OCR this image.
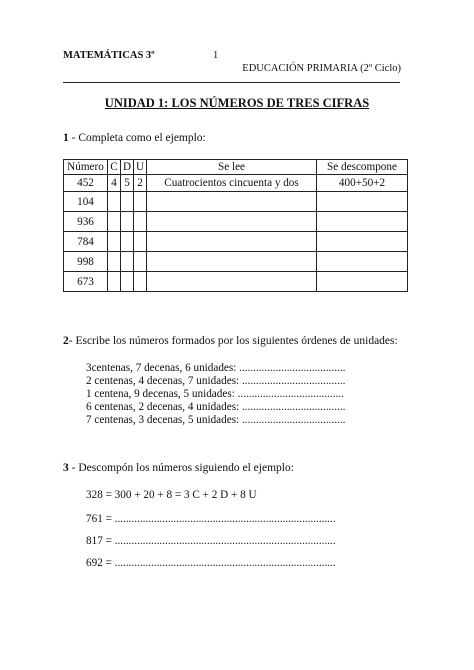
MATEMÁTICAS 3º	1
EDUCACIÓN PRIMARIA (2º Ciclo)
UNIDAD 1: LOS NÚMEROS DE TRES CIFRAS
1 - Completa como el ejemplo:
Número	C	D	U	Se lee	Se descompone
452	4	5	2	Cuatrocientos cincuenta y dos	400+50+2
104					
936					
784					
998					
673					
2- Escribe los números formados por los siguientes órdenes de unidades:
3centenas, 7 decenas, 6 unidades: ......................................
2 centenas, 4 decenas, 7 unidades: .....................................
1 centena, 9 decenas, 5 unidades: ......................................
6 centenas, 2 decenas, 4 unidades: .....................................
7 centenas, 3 decenas, 5 unidades: .....................................
3 - Descompón los números siguiendo el ejemplo:
328 = 300 + 20 + 8 = 3 C + 2 D + 8 U
761 = ...............................................................................
817 = ...............................................................................
692 = ...............................................................................
